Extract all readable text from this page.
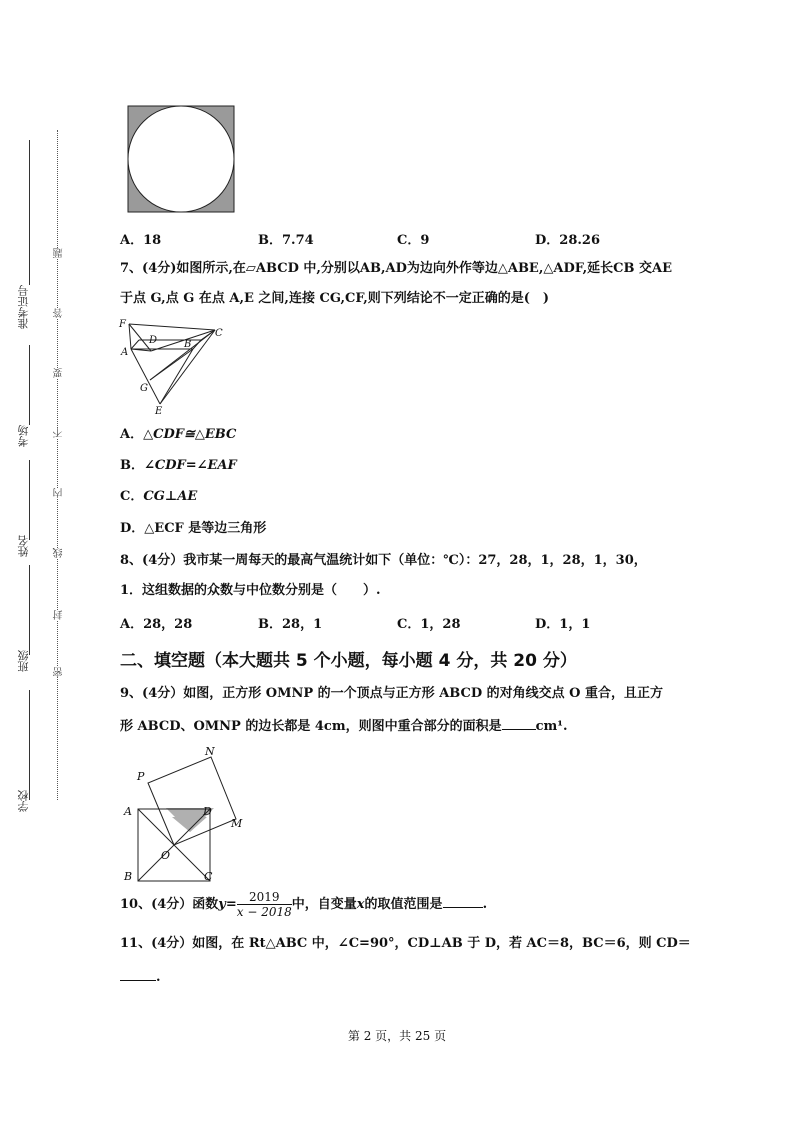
学校
班级
姓名
考场
准考证号
密
封
线
内
不
要
答
题
A．18	B．7.74	C．9	D．28.26
7、(4分)如图所示,在▱ABCD 中,分别以AB,AD为边向外作等边△ABE,△ADF,延长CB 交AE
于点 G,点 G 在点 A,E 之间,连接 CG,CF,则下列结论不一定正确的是(　)
F
A
D	B
C
G
E
A．△CDF≅△EBC
B．∠CDF=∠EAF
C．CG⊥AE
D．△ECF 是等边三角形
8、(4分）我市某一周每天的最高气温统计如下（单位：℃）：27，28，1，28，1，30，
1．这组数据的众数与中位数分别是（　　）.
A．28，28	B．28，1	C．1，28	D．1，1
二、填空题（本大题共 5 个小题，每小题 4 分，共 20 分）
9、(4分）如图，正方形 OMNP 的一个顶点与正方形 ABCD 的对角线交点 O 重合，且正方
形 ABCD、OMNP 的边长都是 4cm，则图中重合部分的面积是	cm¹.
N
P
A	D
M
O
B	C
10、(4分）函数$y= \frac{2019}{x - 2018}$ 中，自变量x的取值范围是	.
11、(4分）如图，在 Rt△ABC 中，∠C=90°，CD⊥AB 于 D，若 AC＝8，BC＝6，则 CD＝
.
第 2 页，共 25 页
